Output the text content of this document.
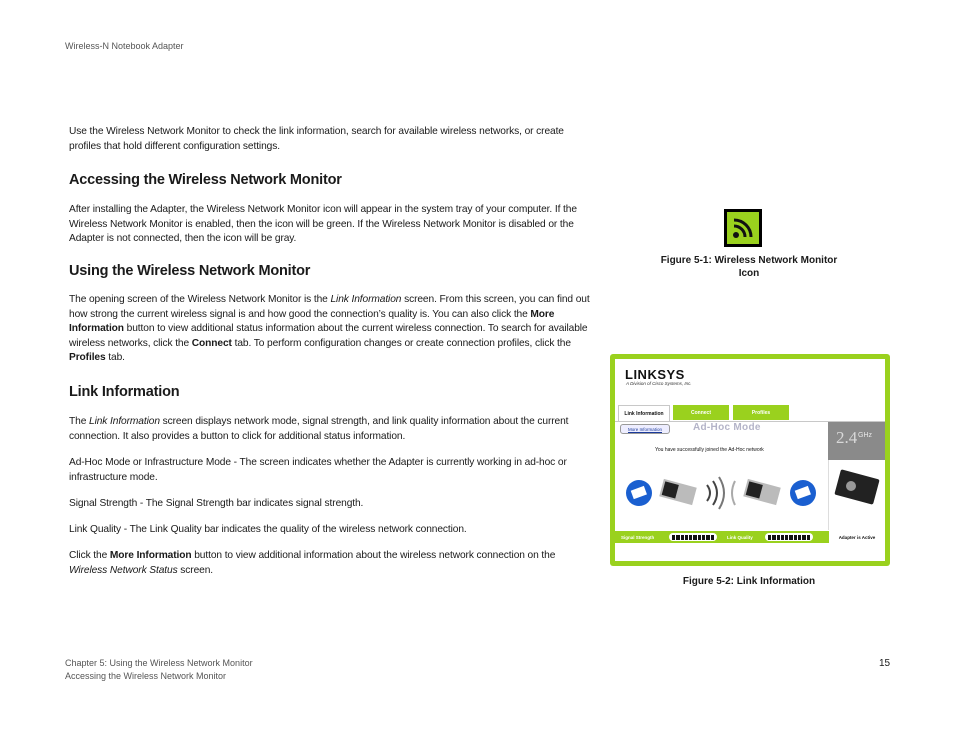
Wireless-N Notebook Adapter

Use the Wireless Network Monitor to check the link information, search for available wireless networks, or create profiles that hold different configuration settings.

Accessing the Wireless Network Monitor

After installing the Adapter, the Wireless Network Monitor icon will appear in the system tray of your computer. If the Wireless Network Monitor is enabled, then the icon will be green. If the Wireless Network Monitor is disabled or the Adapter is not connected, then the icon will be gray.

Using the Wireless Network Monitor

The opening screen of the Wireless Network Monitor is the Link Information screen. From this screen, you can find out how strong the current wireless signal is and how good the connection’s quality is. You can also click the More Information button to view additional status information about the current wireless connection. To search for available wireless networks, click the Connect tab. To perform configuration changes or create connection profiles, click the Profiles tab.

Link Information

The Link Information screen displays network mode, signal strength, and link quality information about the current connection. It also provides a button to click for additional status information.

Ad-Hoc Mode or Infrastructure Mode - The screen indicates whether the Adapter is currently working in ad-hoc or infrastructure mode.

Signal Strength - The Signal Strength bar indicates signal strength.

Link Quality - The Link Quality bar indicates the quality of the wireless network connection.

Click the More Information button to view additional information about the wireless network connection on the Wireless Network Status screen.

Figure 5-1: Wireless Network Monitor
Icon
LINKSYS
A Division of Cisco Systems, Inc.
Link Information	Connect	Profiles
More Information	Ad-Hoc Mode
You have successfully joined the Ad-Hoc network
2.4 GHz
Signal Strength	Link Quality	Adapter is Active
Figure 5-2: Link Information
Chapter 5: Using the Wireless Network Monitor
Accessing the Wireless Network Monitor
15
